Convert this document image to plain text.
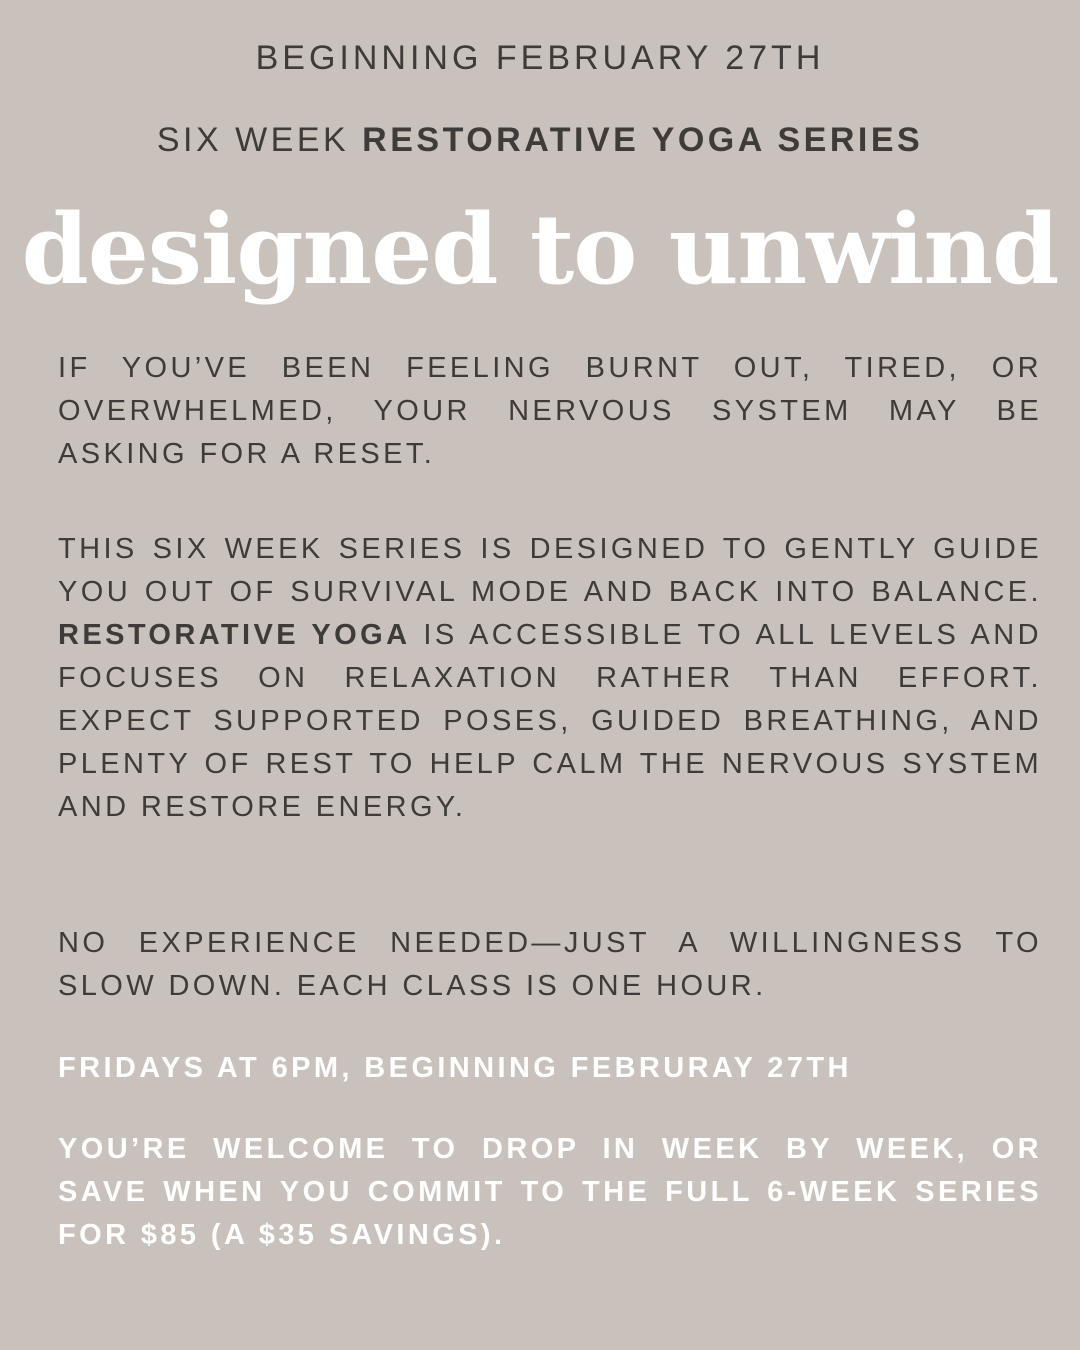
BEGINNING FEBRUARY 27TH
SIX WEEK RESTORATIVE YOGA SERIES
designed to unwind
IF YOU’VE BEEN FEELING BURNT OUT, TIRED, OR OVERWHELMED, YOUR NERVOUS SYSTEM MAY BE ASKING FOR A RESET.
THIS SIX WEEK SERIES IS DESIGNED TO GENTLY GUIDE YOU OUT OF SURVIVAL MODE AND BACK INTO BALANCE. RESTORATIVE YOGA IS ACCESSIBLE TO ALL LEVELS AND FOCUSES ON RELAXATION RATHER THAN EFFORT. EXPECT SUPPORTED POSES, GUIDED BREATHING, AND PLENTY OF REST TO HELP CALM THE NERVOUS SYSTEM AND RESTORE ENERGY.
NO EXPERIENCE NEEDED—JUST A WILLINGNESS TO SLOW DOWN. EACH CLASS IS ONE HOUR.
FRIDAYS AT 6PM, BEGINNING FEBRURAY 27TH
YOU’RE WELCOME TO DROP IN WEEK BY WEEK, OR SAVE WHEN YOU COMMIT TO THE FULL 6-WEEK SERIES FOR $85 (A $35 SAVINGS).
